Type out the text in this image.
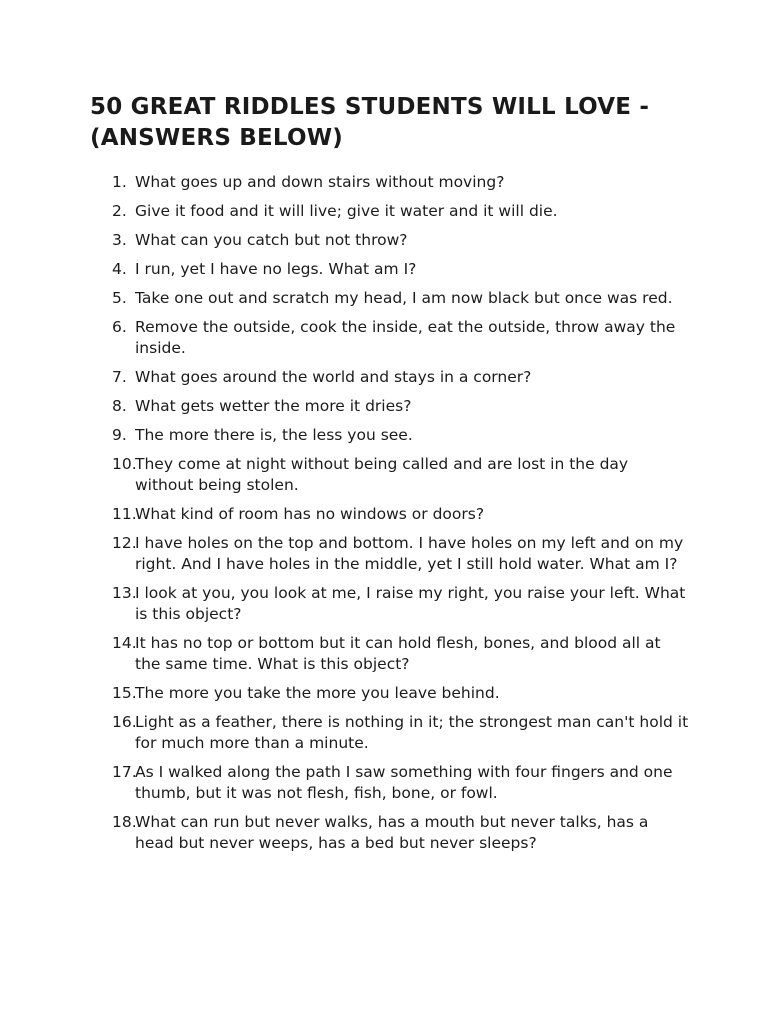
50 GREAT RIDDLES STUDENTS WILL LOVE - (ANSWERS BELOW)
1. What goes up and down stairs without moving?
2. Give it food and it will live; give it water and it will die.
3. What can you catch but not throw?
4. I run, yet I have no legs. What am I?
5. Take one out and scratch my head, I am now black but once was red.
6. Remove the outside, cook the inside, eat the outside, throw away the inside.
7. What goes around the world and stays in a corner?
8. What gets wetter the more it dries?
9. The more there is, the less you see.
10.
They come at night without being called and are lost in the day without being stolen.
11.
What kind of room has no windows or doors?
12.
I have holes on the top and bottom. I have holes on my left and on my right. And I have holes in the middle, yet I still hold water. What am I?
13.
I look at you, you look at me, I raise my right, you raise your left. What is this object?
14.
It has no top or bottom but it can hold flesh, bones, and blood all at the same time. What is this object?
15.
The more you take the more you leave behind.
16.
Light as a feather, there is nothing in it; the strongest man can't hold it for much more than a minute.
17.
As I walked along the path I saw something with four fingers and one thumb, but it was not flesh, fish, bone, or fowl.
18.
What can run but never walks, has a mouth but never talks, has a head but never weeps, has a bed but never sleeps?
